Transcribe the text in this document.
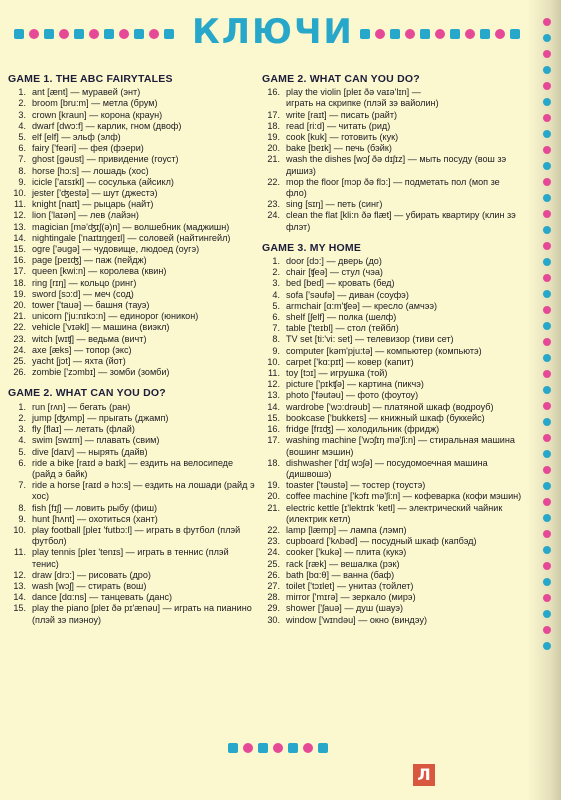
КЛЮЧИ
GAME 1. THE ABC FAIRYTALES
1. ant [ænt] — муравей (энт)
2. broom [bru:m] — метла (брум)
3. crown [kraun] — корона (краун)
4. dwarf [dwɔ:f] — карлик, гном (двоф)
5. elf [elf] — эльф (элф)
6. fairy ['feəri] — фея (фэери)
7. ghost [gəust] — привидение (гоуст)
8. horse [hɔ:s] — лошадь (хос)
9. icicle ['aɪsɪkl] — сосулька (айсикл)
10. jester ['ʤestə] — шут (джестэ)
11. knight [naɪt] — рыцарь (найт)
12. lion ['laɪən] — лев (лайэн)
13. magician [mə'ʤɪʃ(ə)n] — волшебник (маджишн)
14. nightingale ['naɪtɪŋgeɪl] — соловей (найтингейл)
15. ogre ['əugə] — чудовище, людоед (оугэ)
16. page [peɪʤ] — паж (пейдж)
17. queen [kwi:n] — королева (квин)
18. ring [rɪŋ] — кольцо (ринг)
19. sword [sɔ:d] — меч (сод)
20. tower ['tauə] — башня (тауэ)
21. unicorn ['ju:nɪkɔ:n] — единорог (юникон)
22. vehicle ['vɪəkl] — машина (виэкл)
23. witch [wɪʧ] — ведьма (вичт)
24. axe [æks] — топор (экс)
25. yacht [jɔt] — яхта (йот)
26. zombie ['zɔmbɪ] — зомби (зомби)
GAME 2. WHAT CAN YOU DO?
1. run [rʌn] — бегать (ран)
2. jump [ʤʌmp] — прыгать (джамп)
3. fly [flaɪ] — летать (флай)
4. swim [swɪm] — плавать (свим)
5. dive [daɪv] — нырять (дайв)
6. ride a bike [raɪd ə baɪk] — ездить на велосипеде
(райд э байк)
7. ride a horse [raɪd ə hɔ:s] — ездить на лошади (райд э хос)
8. fish [fɪʃ] — ловить рыбу (фиш)
9. hunt [hʌnt] — охотиться (хант)
10. play football [pleɪ 'futbɔ:l] — играть в футбол (плэй футбол)
11. play tennis [pleɪ 'tenɪs] — играть в теннис (плэй тенис)
12. draw [drɔ:] — рисовать (дро)
13. wash [wɔʃ] — стирать (вош)
14. dance [dɑ:ns] — танцевать (данс)
15. play the piano [pleɪ ðə pɪ'ænəu] — играть на пианино
(плэй зэ пиэноу)
GAME 2. WHAT CAN YOU DO?
16. play the violin [pleɪ ðə vaɪə'lɪn] —
играть на скрипке (плэй зэ вайолин)
17. write [raɪt] — писать (райт)
18. read [ri:d] — читать (рид)
19. cook [kuk] — готовить (кук)
20. bake [beɪk] — печь (бэйк)
21. wash the dishes [wɔʃ ðə dɪʃɪz] — мыть посуду (вош зэ дишиз)
22. mop the floor [mɔp ðə flɔ:] — подметать пол (моп зе фло)
23. sing [sɪŋ] — петь (синг)
24. clean the flat [kli:n ðə flæt] — убирать квартиру (клин зэ флэт)
GAME 3. MY HOME
1. door [dɔ:] — дверь (до)
2. chair [ʧeə] — стул (чэа)
3. bed [bed] — кровать (бед)
4. sofa ['səufə] — диван (соуфэ)
5. armchair [ɑ:m'ʧeə] — кресло (амчээ)
6. shelf [ʃelf] — полка (шелф)
7. table ['teɪbl] — стол (тейбл)
8. TV set [ti:'vi: set] — телевизор (тиви сет)
9. computer [kəm'pju:tə] — компьютер (компьютэ)
10. carpet ['kɑ:pɪt] — ковер (капит)
11. toy [tɔɪ] — игрушка (той)
12. picture ['pɪkʧə] — картина (пикчэ)
13. photo ['fəutəu] — фото (фоутоу)
14. wardrobe ['wɔ:drəub] — платяной шкаф (водроуб)
15. bookcase ['bukkeɪs] — книжный шкаф (буккейс)
16. fridge [frɪʤ] — холодильник (фридж)
17. washing machine ['wɔʃɪŋ mə'ʃi:n] — стиральная машина
(вошинг мэшин)
18. dishwasher ['dɪʃ wɔʃə] — посудомоечная машина (дишвошэ)
19. toaster ['təustə] — тостер (тоустэ)
20. coffee machine ['kɔfɪ mə'ʃi:n] — кофеварка (кофи мэшин)
21. electric kettle [ɪ'lektrɪk 'ketl] — электрический чайник
(илектрик кетл)
22. lamp [læmp] — лампа (лэмп)
23. cupboard ['kʌbəd] — посудный шкаф (капбэд)
24. cooker ['kukə] — плита (кукэ)
25. rack [ræk] — вешалка (рэк)
26. bath [bɑ:θ] — ванна (баф)
27. toilet ['tɔɪlet] — унитаз (тойлет)
28. mirror ['mɪrə] — зеркало (мирэ)
29. shower ['ʃauə] — душ (шауэ)
30. window ['wɪndəu] — окно (виндэу)
Л
